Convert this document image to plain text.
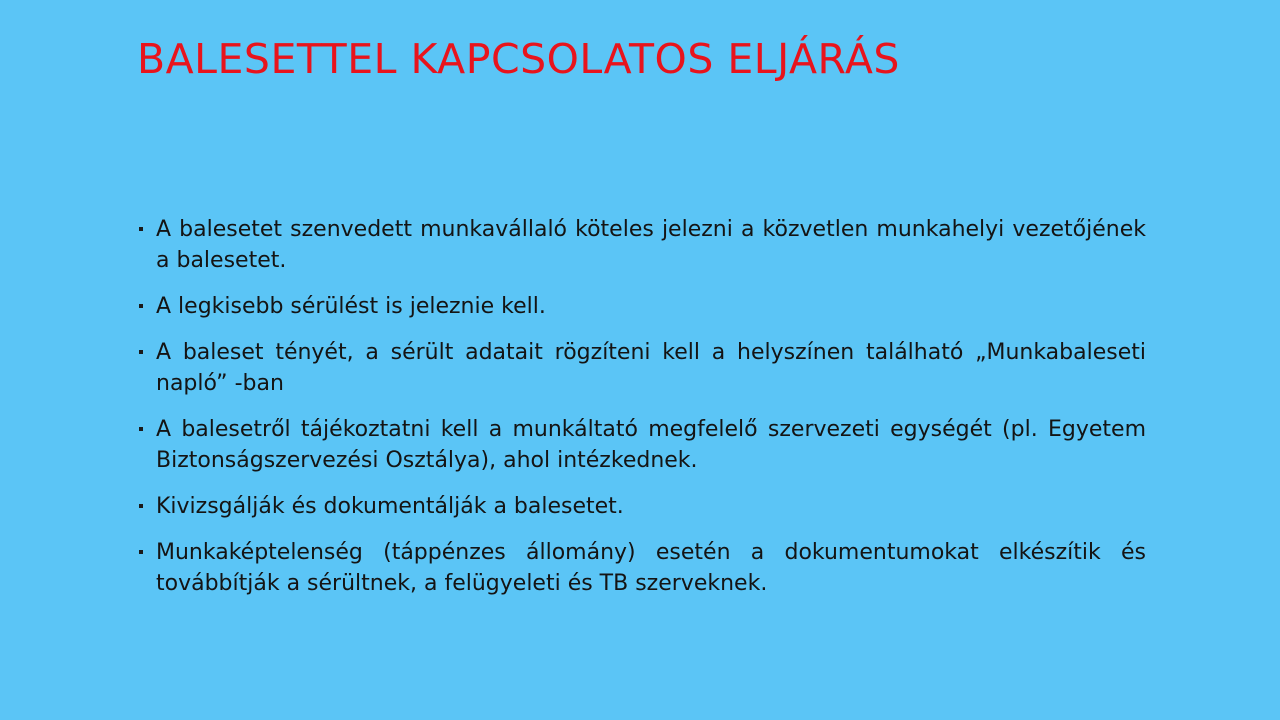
BALESETTEL KAPCSOLATOS ELJÁRÁS
A balesetet szenvedett munkavállaló köteles jelezni a közvetlen munkahelyi vezetőjének a balesetet.
A legkisebb sérülést is jeleznie kell.
A baleset tényét, a sérült adatait rögzíteni kell a helyszínen található „Munkabaleseti napló” -ban
A balesetről tájékoztatni kell a munkáltató megfelelő szervezeti egységét (pl. Egyetem Biztonságszervezési Osztálya), ahol intézkednek.
Kivizsgálják és dokumentálják a balesetet.
Munkaképtelenség (táppénzes állomány) esetén a dokumentumokat elkészítik és továbbítják a sérültnek, a felügyeleti és TB szerveknek.
